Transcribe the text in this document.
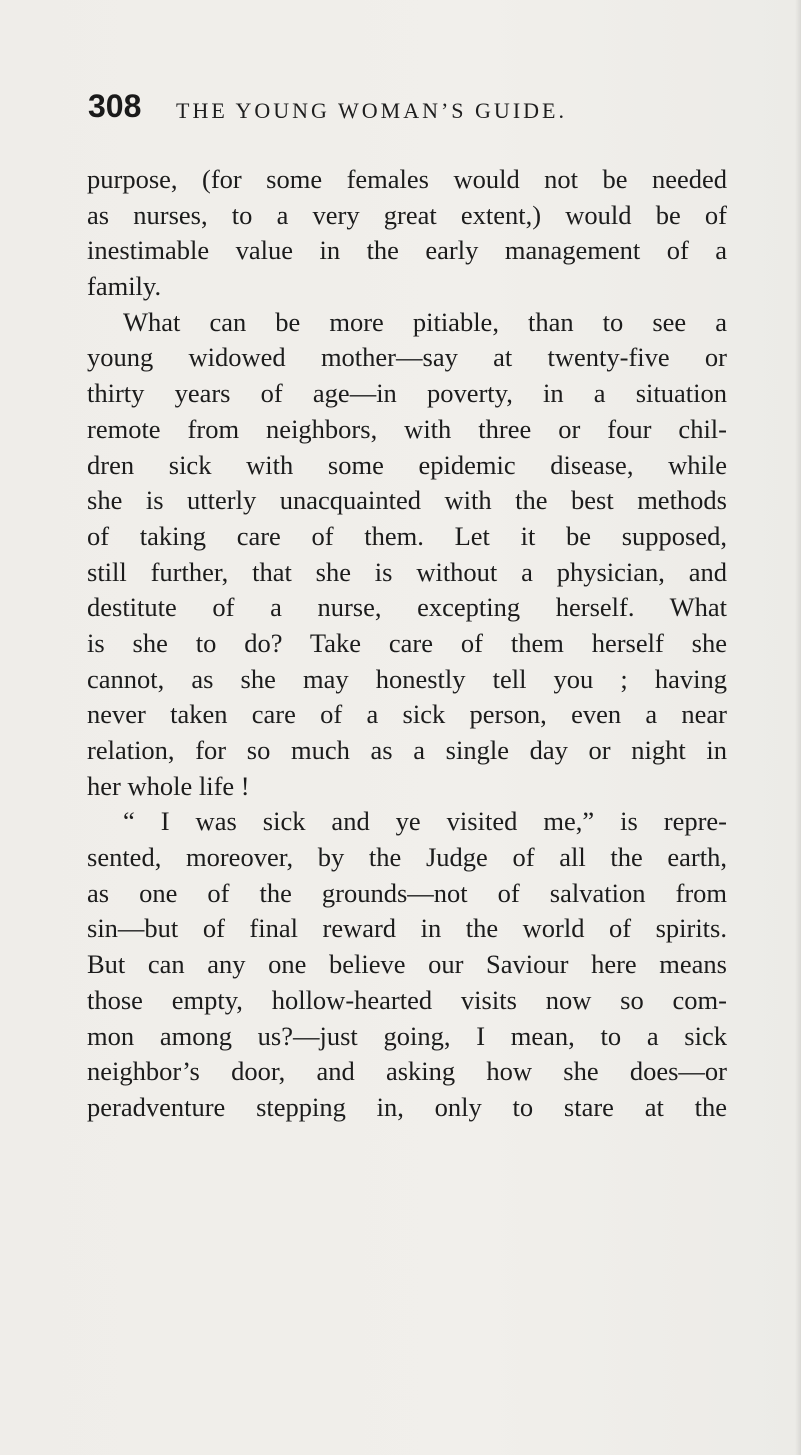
308 THE YOUNG WOMAN’S GUIDE.
purpose, (for some females would not be needed
as nurses, to a very great extent,) would be of
inestimable value in the early management of a
family.
What can be more pitiable, than to see a
young widowed mother—say at twenty-five or
thirty years of age—in poverty, in a situation
remote from neighbors, with three or four chil-
dren sick with some epidemic disease, while
she is utterly unacquainted with the best methods
of taking care of them. Let it be supposed,
still further, that she is without a physician, and
destitute of a nurse, excepting herself. What
is she to do? Take care of them herself she
cannot, as she may honestly tell you ; having
never taken care of a sick person, even a near
relation, for so much as a single day or night in
her whole life !
“ I was sick and ye visited me,” is repre-
sented, moreover, by the Judge of all the earth,
as one of the grounds—not of salvation from
sin—but of final reward in the world of spirits.
But can any one believe our Saviour here means
those empty, hollow-hearted visits now so com-
mon among us?—just going, I mean, to a sick
neighbor’s door, and asking how she does—or
peradventure stepping in, only to stare at the
